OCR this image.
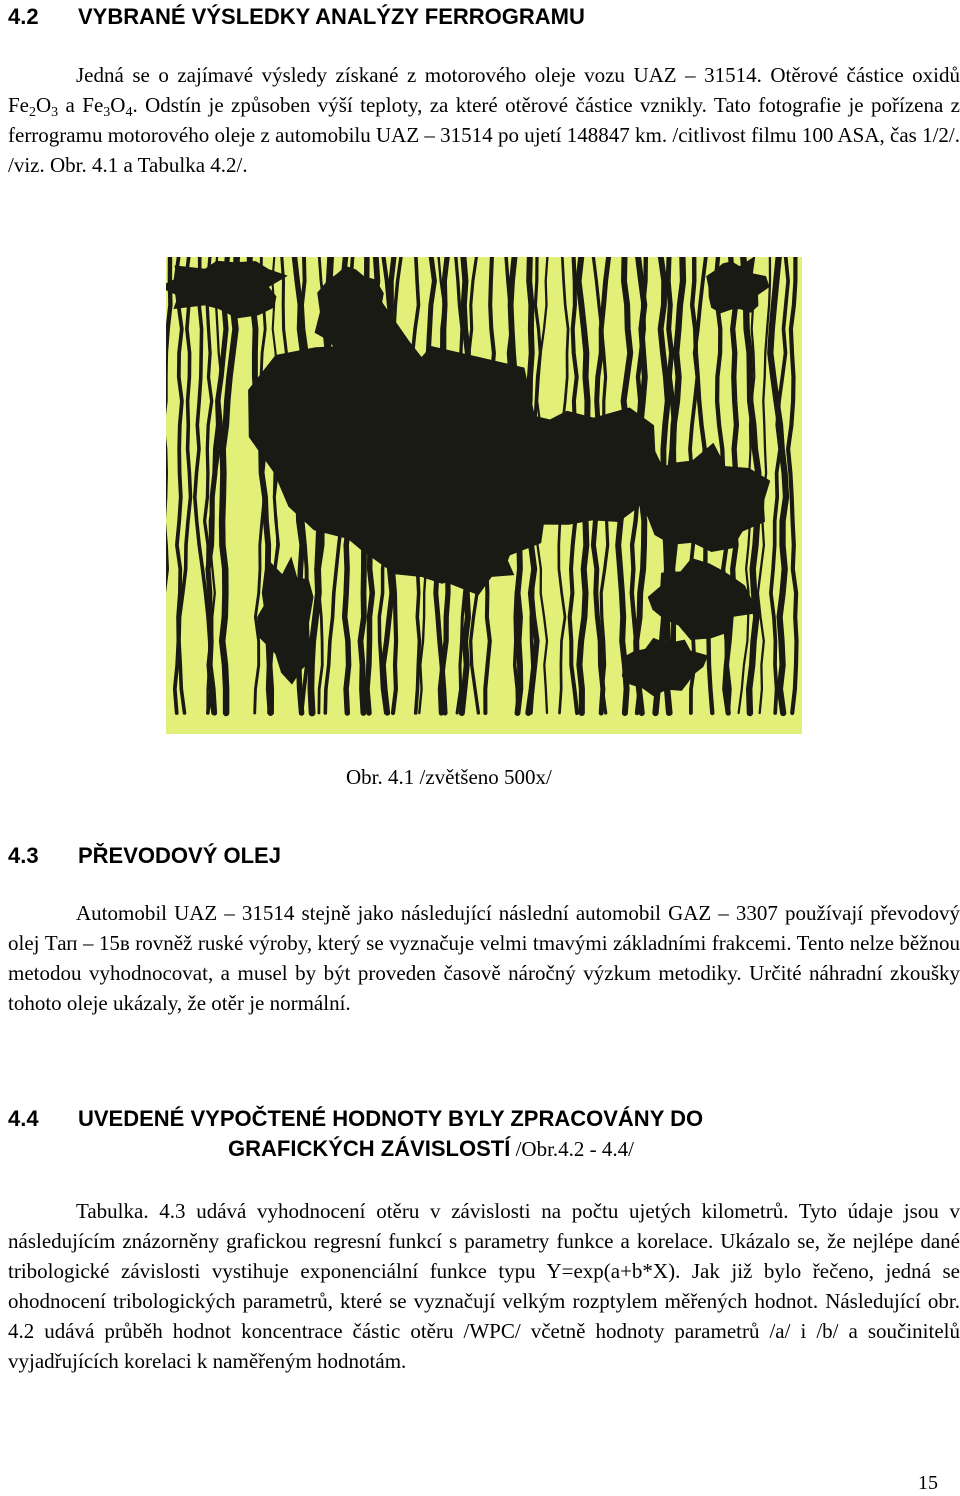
4.2 VYBRANÉ VÝSLEDKY ANALÝZY FERROGRAMU

Jedná se o zajímavé výsledy získané z motorového oleje vozu UAZ – 31514. Otěrové částice oxidů $Fe_2O_3$ a $Fe_3O_4$. Odstín je způsoben výší teploty, za které otěrové částice vznikly. Tato fotografie je pořízena z ferrogramu motorového oleje z automobilu UAZ – 31514 po ujetí 148847 km. /citlivost filmu 100 ASA, čas 1/2/. /viz. Obr. 4.1 a Tabulka 4.2/.

Obr. 4.1 /zvětšeno 500x/
4.3 PŘEVODOVÝ OLEJ

Automobil UAZ – 31514 stejně jako následující následní automobil GAZ – 3307 používají převodový olej Тап – 15в rovněž ruské výroby, který se vyznačuje velmi tmavými základními frakcemi. Tento nelze běžnou metodou vyhodnocovat, a musel by být proveden časově náročný výzkum metodiky. Určité náhradní zkoušky tohoto oleje ukázaly, že otěr je normální.

4.4 UVEDENÉ VYPOČTENÉ HODNOTY BYLY ZPRACOVÁNY DO
GRAFICKÝCH ZÁVISLOSTÍ /Obr.4.2 - 4.4/

Tabulka. 4.3 udává vyhodnocení otěru v závislosti na počtu ujetých kilometrů. Tyto údaje jsou v následujícím znázorněny grafickou regresní funkcí s parametry funkce a korelace. Ukázalo se, že nejlépe dané tribologické závislosti vystihuje exponenciální funkce typu Y=exp(a+b*X). Jak již bylo řečeno, jedná se ohodnocení tribologických parametrů, které se vyznačují velkým rozptylem měřených hodnot. Následující obr. 4.2 udává průběh hodnot koncentrace částic otěru /WPC/ včetně hodnoty parametrů /a/ i /b/ a součinitelů vyjadřujících korelaci k naměřeným hodnotám.

15
